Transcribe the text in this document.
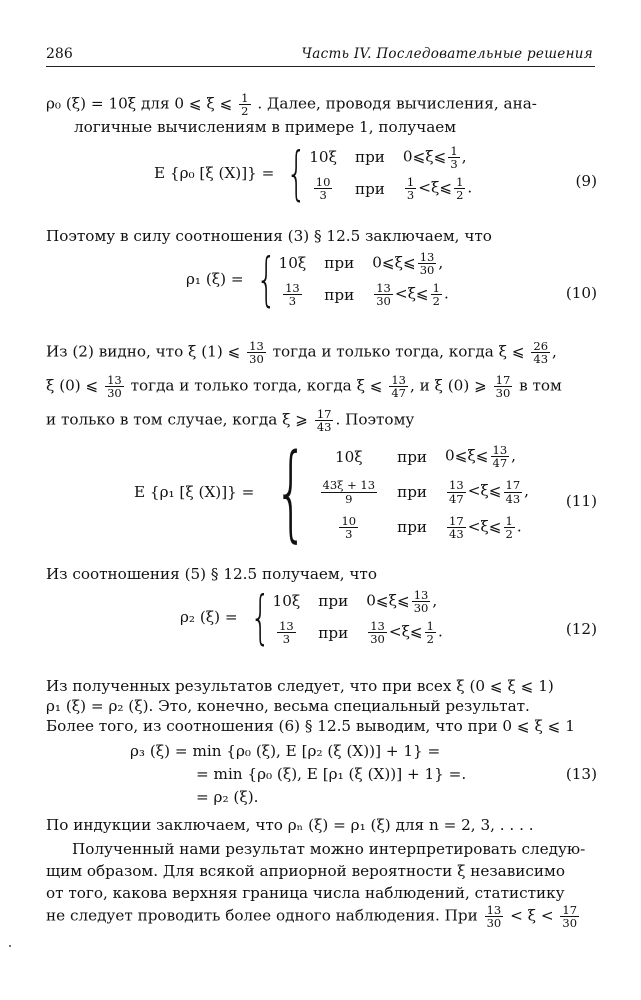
286	Часть IV. Последовательные решения
ρ₀ (ξ) = 10ξ для 0 ⩽ ξ ⩽ $\frac{1}{2}$ . Далее, проводя вычисления, ана-
логичные вычислениям в примере 1, получаем
E {ρ₀ [ξ (X)]} = { 10ξ при 0⩽ξ⩽ $\frac{1}{3}$ ,
$\frac{10}{3}$ при $\frac{1}{3}$ <ξ⩽ $\frac{1}{2}$ .	(9)
Поэтому в силу соотношения (3) § 12.5 заключаем, что
ρ₁ (ξ) = { 10ξ при 0⩽ξ⩽ $\frac{13}{30}$ ,
$\frac{13}{3}$ при $\frac{13}{30}$ <ξ⩽ $\frac{1}{2}$ .	(10)
Из (2) видно, что ξ (1) ⩽ $\frac{13}{30}$ тогда и только тогда, когда ξ ⩽ $\frac{26}{43}$ ,
ξ (0) ⩽ $\frac{13}{30}$ тогда и только тогда, когда ξ ⩽ $\frac{13}{47}$ , и ξ (0) ⩾ $\frac{17}{30}$ в том
и только в том случае, когда ξ ⩾ $\frac{17}{43}$ . Поэтому
E {ρ₁ [ξ (X)]} = {	10ξ	при 0⩽ξ⩽ $\frac{13}{47}$ ,
$\frac{43\xi + 13}{9}$ при $\frac{13}{47}$ <ξ⩽ $\frac{17}{43}$ ,
$\frac{10}{3}$	при $\frac{17}{43}$ <ξ⩽ $\frac{1}{2}$ .
(11)
Из соотношения (5) § 12.5 получаем, что
ρ₂ (ξ) = { 10ξ при 0⩽ξ⩽ $\frac{13}{30}$ ,
$\frac{13}{3}$ при $\frac{13}{30}$ <ξ⩽ $\frac{1}{2}$ .	(12)
Из полученных результатов следует, что при всех ξ (0 ⩽ ξ ⩽ 1)
ρ₁ (ξ) = ρ₂ (ξ). Это, конечно, весьма специальный результат.
Более того, из соотношения (6) § 12.5 выводим, что при 0 ⩽ ξ ⩽ 1
ρ₃ (ξ) = min {ρ₀ (ξ), E [ρ₂ (ξ (X))] + 1} =
= min {ρ₀ (ξ), E [ρ₁ (ξ (X))] + 1} =.
= ρ₂ (ξ).
(13)
По индукции заключаем, что ρₙ (ξ) = ρ₁ (ξ) для n = 2, 3, . . . .
Полученный нами результат можно интерпретировать следую-
щим образом. Для всякой априорной вероятности ξ независимо
от того, какова верхняя граница числа наблюдений, статистику
не следует проводить более одного наблюдения. При $\frac{13}{30} < \xi < \frac{17}{30}$
